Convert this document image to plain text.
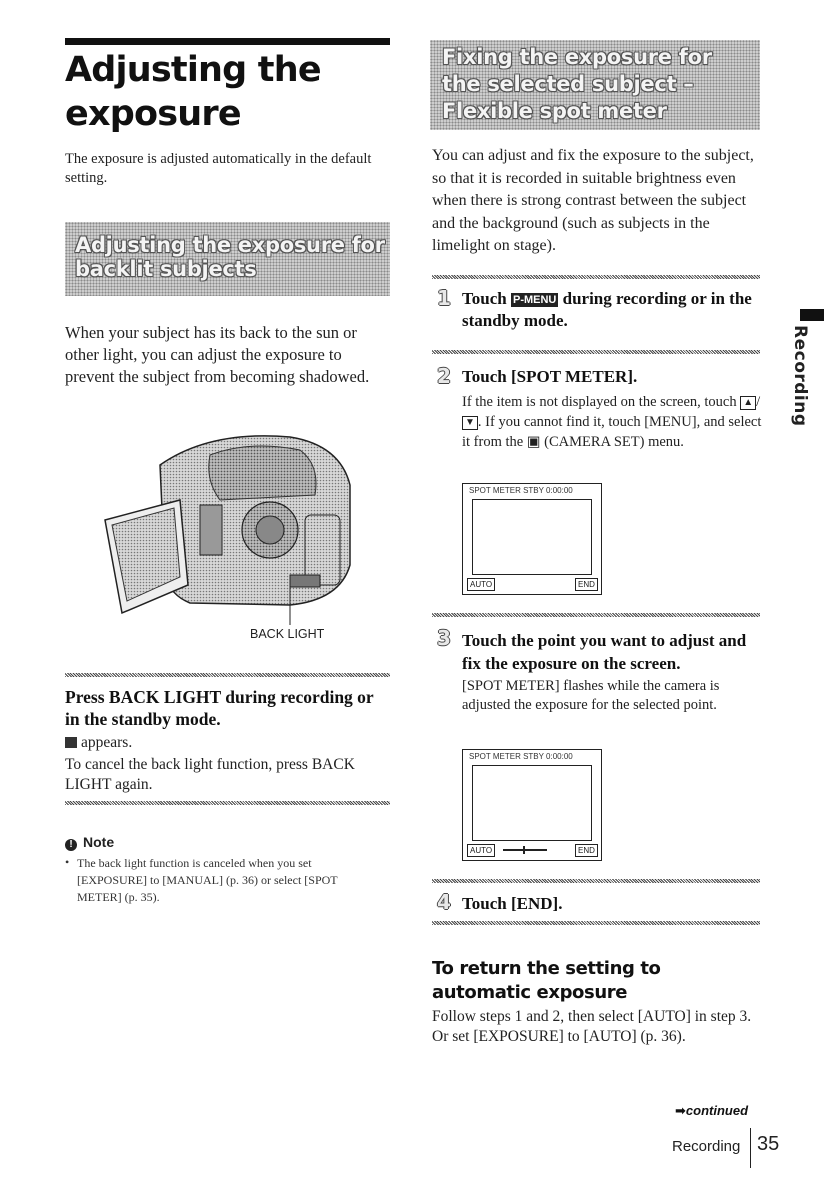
Adjusting the exposure
The exposure is adjusted automatically in the default setting.
Adjusting the exposure for backlit subjects
When your subject has its back to the sun or other light, you can adjust the exposure to prevent the subject from becoming shadowed.
BACK LIGHT
Press BACK LIGHT during recording or in the standby mode.
appears.
To cancel the back light function, press BACK LIGHT again.
! Note
• The back light function is canceled when you set [EXPOSURE] to [MANUAL] (p. 36) or select [SPOT METER] (p. 35).
Fixing the exposure for the selected subject – Flexible spot meter
You can adjust and fix the exposure to the subject, so that it is recorded in suitable brightness even when there is strong contrast between the subject and the background (such as subjects in the limelight on stage).
1 Touch P-MENU during recording or in the standby mode.
2 Touch [SPOT METER].
If the item is not displayed on the screen, touch ▲ /▼ . If you cannot find it, touch [MENU], and select it from the ▣ (CAMERA SET) menu.
SPOT METER STBY 0:00:00
AUTO	END
3 Touch the point you want to adjust and fix the exposure on the screen.
[SPOT METER] flashes while the camera is adjusted the exposure for the selected point.
SPOT METER STBY 0:00:00
AUTO	END
4 Touch [END].
To return the setting to automatic exposure
Follow steps 1 and 2, then select [AUTO] in step 3. Or set [EXPOSURE] to [AUTO] (p. 36).
➡continued
Recording 35
Recording
